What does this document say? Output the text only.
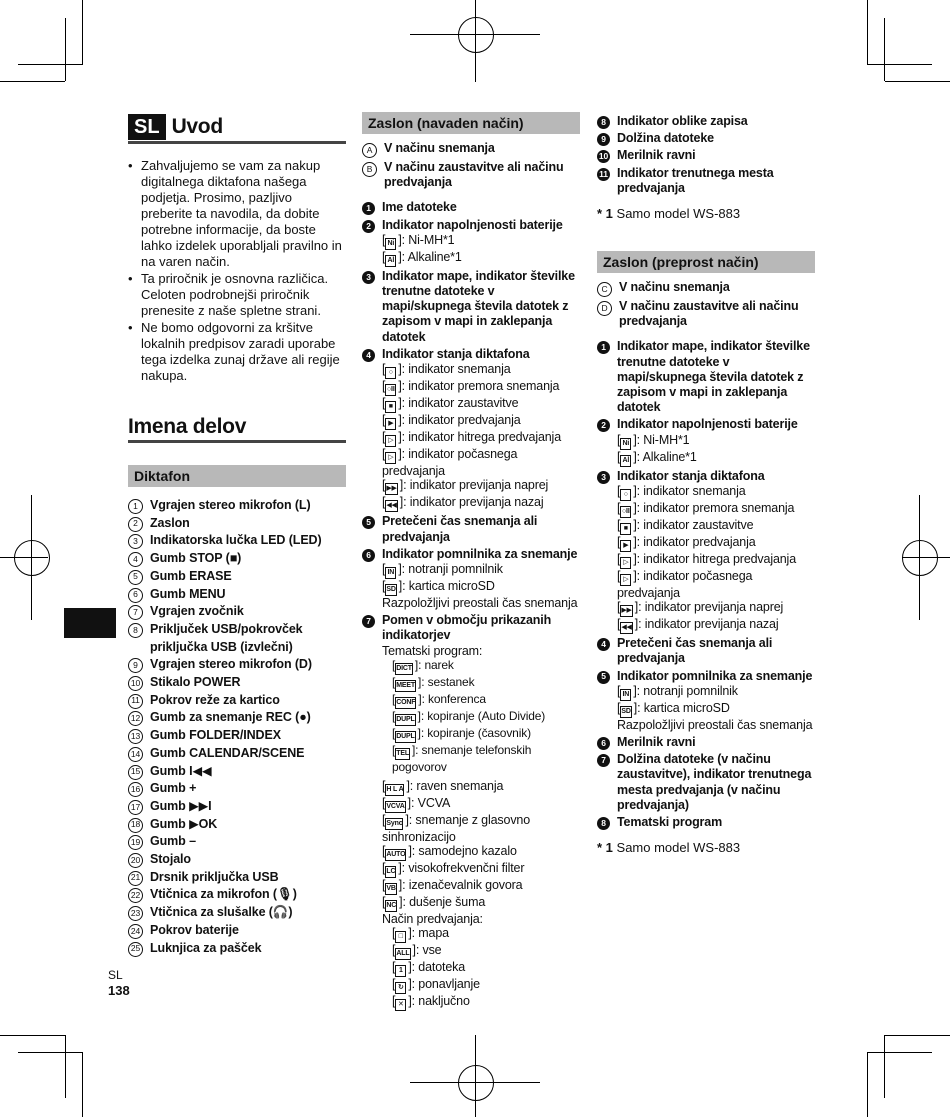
SL Uvod
• Zahvaljujemo se vam za nakup digitalnega diktafona našega podjetja. Prosimo, pazljivo preberite ta navodila, da dobite potrebne informacije, da boste lahko izdelek uporabljali pravilno in na varen način.
• Ta priročnik je osnovna različica. Celoten podrobnejši priročnik prenesite z naše spletne strani.
• Ne bomo odgovorni za kršitve lokalnih predpisov zaradi uporabe tega izdelka zunaj države ali regije nakupa.
Imena delov
Diktafon
1 Vgrajen stereo mikrofon (L)
2 Zaslon
3 Indikatorska lučka LED (LED)
4 Gumb STOP (■)
5 Gumb ERASE
6 Gumb MENU
7 Vgrajen zvočnik
8 Priključek USB/pokrovček priključka USB (izvlečni)
9 Vgrajen stereo mikrofon (D)
10 Stikalo POWER
11 Pokrov reže za kartico
12 Gumb za snemanje REC (●)
13 Gumb FOLDER/INDEX
14 Gumb CALENDAR/SCENE
15 Gumb I◀◀
16 Gumb +
17 Gumb ▶▶I
18 Gumb ▶OK
19 Gumb –
20 Stojalo
21 Drsnik priključka USB
22 Vtičnica za mikrofon (🎙)
23 Vtičnica za slušalke (🎧)
24 Pokrov baterije
25 Luknjica za pašček
Zaslon (navaden način)
A V načinu snemanja
B V načinu zaustavitve ali načinu predvajanja
1 Ime datoteke
2 Indikator napolnjenosti baterije
[ Ni ]: Ni-MH*1
[ Al ]: Alkaline*1
3 Indikator mape, indikator številke trenutne datoteke v mapi/skupnega števila datotek z zapisom v mapi in zaklepanja datotek
4 Indikator stanja diktafona
[ ○ ]: indikator snemanja
[ ○II ]: indikator premora snemanja
[ ■ ]: indikator zaustavitve
[ ▶ ]: indikator predvajanja
[ ▷ ]: indikator hitrega predvajanja
[ ▷ ]: indikator počasnega predvajanja
[▶▶ ]: indikator previjanja naprej
[◀◀ ]: indikator previjanja nazaj
5 Pretečeni čas snemanja ali predvajanja
6 Indikator pomnilnika za snemanje
[ IN ]: notranji pomnilnik
[SD ]: kartica microSD
Razpoložljivi preostali čas snemanja
7 Pomen v območju prikazanih indikatorjev
Tematski program:
[DICT ]: narek
[MEET ]: sestanek
[CONF ]: konferenca
[DUPL ]: kopiranje (Auto Divide)
[DUPL ]: kopiranje (časovnik)
[TEL ]: snemanje telefonskih pogovorov
[H L A ]: raven snemanja
[VCVA ]: VCVA
[Sync ]: snemanje z glasovno sinhronizacijo
[AUTO ]: samodejno kazalo
[LC ]: visokofrekvenčni filter
[VB ]: izenačevalnik govora
[NC ]: dušenje šuma
Način predvajanja:
[ □ ]: mapa
[ALL ]: vse
[ 1 ]: datoteka
[ ↻ ]: ponavljanje
[ ✕ ]: naključno
8 Indikator oblike zapisa
9 Dolžina datoteke
10 Merilnik ravni
11 Indikator trenutnega mesta predvajanja
* 1 Samo model WS-883
Zaslon (preprost način)
C V načinu snemanja
D V načinu zaustavitve ali načinu predvajanja
1 Indikator mape, indikator številke trenutne datoteke v mapi/skupnega števila datotek z zapisom v mapi in zaklepanja datotek
2 Indikator napolnjenosti baterije
[ Ni ]: Ni-MH*1
[ Al ]: Alkaline*1
3 Indikator stanja diktafona
[ ○ ]: indikator snemanja
[ ○II ]: indikator premora snemanja
[ ■ ]: indikator zaustavitve
[ ▶ ]: indikator predvajanja
[ ▷ ]: indikator hitrega predvajanja
[ ▷ ]: indikator počasnega predvajanja
[▶▶ ]: indikator previjanja naprej
[◀◀ ]: indikator previjanja nazaj
4 Pretečeni čas snemanja ali predvajanja
5 Indikator pomnilnika za snemanje
[ IN ]: notranji pomnilnik
[SD ]: kartica microSD
Razpoložljivi preostali čas snemanja
6 Merilnik ravni
7 Dolžina datoteke (v načinu zaustavitve), indikator trenutnega mesta predvajanja (v načinu predvajanja)
8 Tematski program
* 1 Samo model WS-883
SL
138
